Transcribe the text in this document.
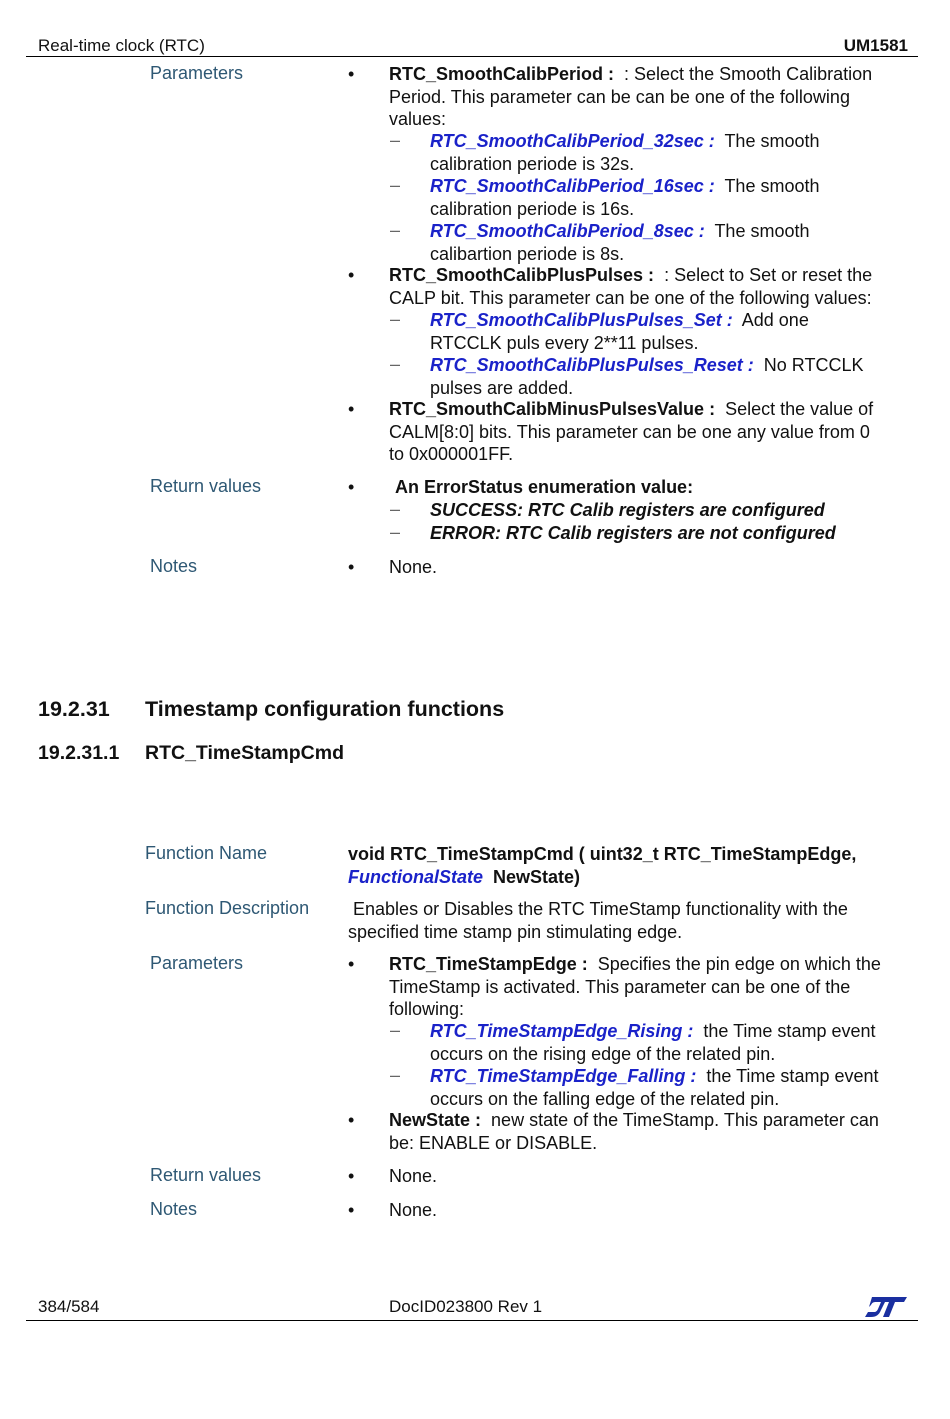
Real-time clock (RTC)	UM1581
Parameters	• RTC_SmoothCalibPeriod : : Select the Smooth Calibration
Period. This parameter can be can be one of the following
values:
– RTC_SmoothCalibPeriod_32sec : The smooth
calibration periode is 32s.
– RTC_SmoothCalibPeriod_16sec : The smooth
calibration periode is 16s.
– RTC_SmoothCalibPeriod_8sec : The smooth
calibartion periode is 8s.
• RTC_SmoothCalibPlusPulses : : Select to Set or reset the
CALP bit. This parameter can be one of the following values:
– RTC_SmoothCalibPlusPulses_Set : Add one
RTCCLK puls every 2**11 pulses.
– RTC_SmoothCalibPlusPulses_Reset : No RTCCLK
pulses are added.
• RTC_SmouthCalibMinusPulsesValue : Select the value of
CALM[8:0] bits. This parameter can be one any value from 0
to 0x000001FF.
Return values	• An ErrorStatus enumeration value:
– SUCCESS: RTC Calib registers are configured
– ERROR: RTC Calib registers are not configured
Notes	• None.
19.2.31 Timestamp configuration functions
19.2.31.1 RTC_TimeStampCmd
Function Name	void RTC_TimeStampCmd ( uint32_t RTC_TimeStampEdge,
FunctionalState NewState)
Function Description Enables or Disables the RTC TimeStamp functionality with the
specified time stamp pin stimulating edge.
Parameters	• RTC_TimeStampEdge : Specifies the pin edge on which the
TimeStamp is activated. This parameter can be one of the
following:
– RTC_TimeStampEdge_Rising : the Time stamp event
occurs on the rising edge of the related pin.
– RTC_TimeStampEdge_Falling : the Time stamp event
occurs on the falling edge of the related pin.
• NewState : new state of the TimeStamp. This parameter can
be: ENABLE or DISABLE.
Return values	• None.
Notes	• None.
384/584	DocID023800 Rev 1
